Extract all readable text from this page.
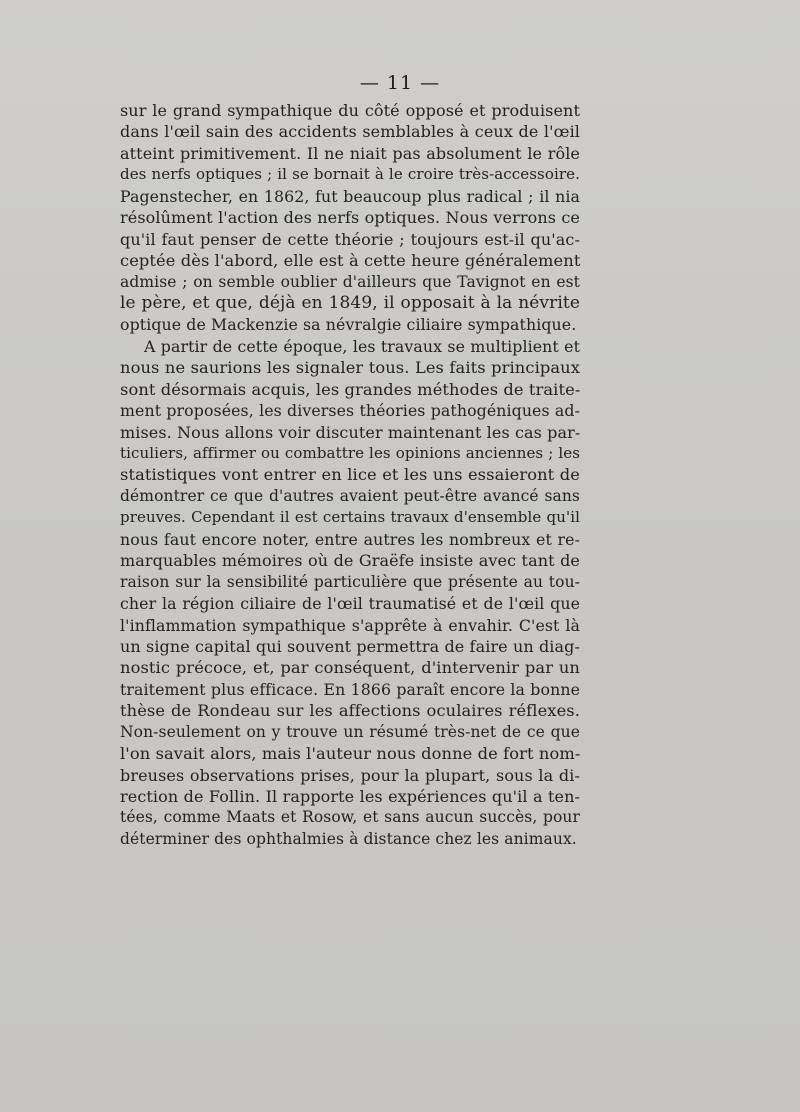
— 11 —
sur le grand sympathique du côté opposé et produisent
dans l'œil sain des accidents semblables à ceux de l'œil
atteint primitivement. Il ne niait pas absolument le rôle
des nerfs optiques ; il se bornait à le croire très-accessoire.
Pagenstecher, en 1862, fut beaucoup plus radical ; il nia
résolûment l'action des nerfs optiques. Nous verrons ce
qu'il faut penser de cette théorie ; toujours est-il qu'ac-
ceptée dès l'abord, elle est à cette heure généralement
admise ; on semble oublier d'ailleurs que Tavignot en est
le père, et que, déjà en 1849, il opposait à la névrite
optique de Mackenzie sa névralgie ciliaire sympathique.
A partir de cette époque, les travaux se multiplient et
nous ne saurions les signaler tous. Les faits principaux
sont désormais acquis, les grandes méthodes de traite-
ment proposées, les diverses théories pathogéniques ad-
mises. Nous allons voir discuter maintenant les cas par-
ticuliers, affirmer ou combattre les opinions anciennes ; les
statistiques vont entrer en lice et les uns essaieront de
démontrer ce que d'autres avaient peut-être avancé sans
preuves. Cependant il est certains travaux d'ensemble qu'il
nous faut encore noter, entre autres les nombreux et re-
marquables mémoires où de Graëfe insiste avec tant de
raison sur la sensibilité particulière que présente au tou-
cher la région ciliaire de l'œil traumatisé et de l'œil que
l'inflammation sympathique s'apprête à envahir. C'est là
un signe capital qui souvent permettra de faire un diag-
nostic précoce, et, par conséquent, d'intervenir par un
traitement plus efficace. En 1866 paraît encore la bonne
thèse de Rondeau sur les affections oculaires réflexes.
Non-seulement on y trouve un résumé très-net de ce que
l'on savait alors, mais l'auteur nous donne de fort nom-
breuses observations prises, pour la plupart, sous la di-
rection de Follin. Il rapporte les expériences qu'il a ten-
tées, comme Maats et Rosow, et sans aucun succès, pour
déterminer des ophthalmies à distance chez les animaux.
